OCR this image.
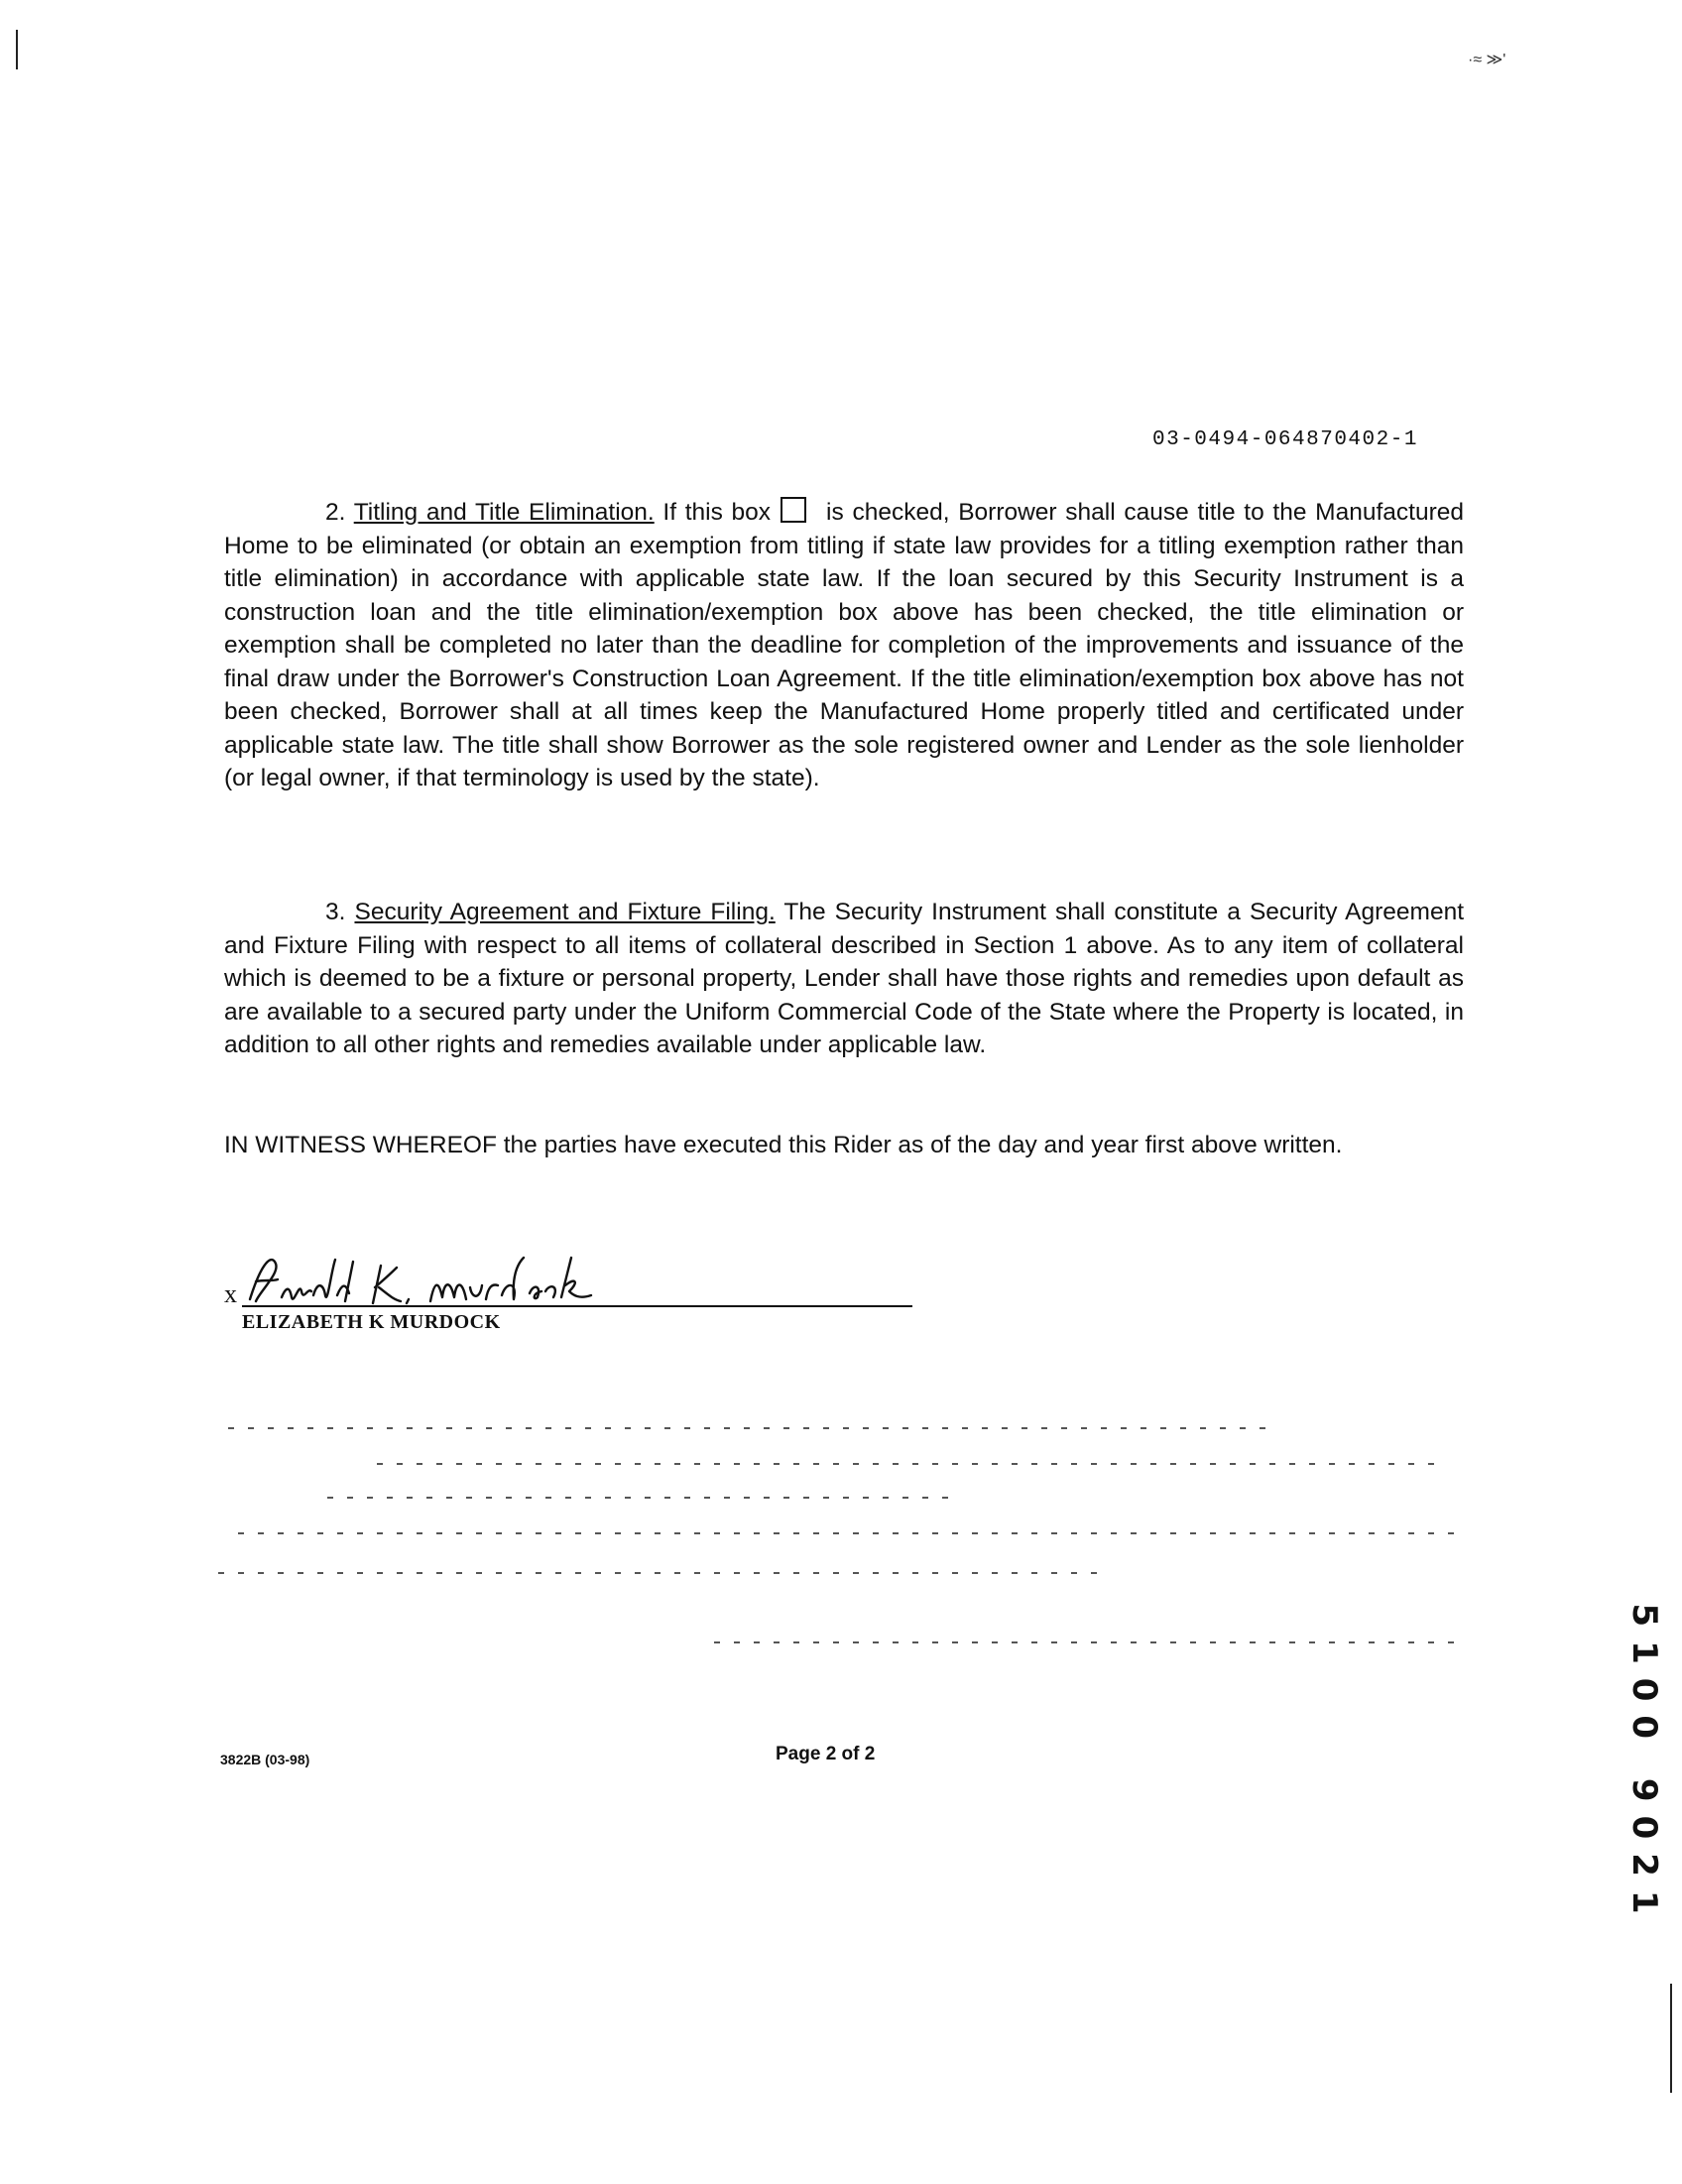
·≈ ≫'
03-0494-064870402-1
2. Titling and Title Elimination. If this box is checked, Borrower shall cause title to the Manufactured Home to be eliminated (or obtain an exemption from titling if state law provides for a titling exemption rather than title elimination) in accordance with applicable state law. If the loan secured by this Security Instrument is a construction loan and the title elimination/exemption box above has been checked, the title elimination or exemption shall be completed no later than the deadline for completion of the improvements and issuance of the final draw under the Borrower's Construction Loan Agreement. If the title elimination/exemption box above has not been checked, Borrower shall at all times keep the Manufactured Home properly titled and certificated under applicable state law. The title shall show Borrower as the sole registered owner and Lender as the sole lienholder (or legal owner, if that terminology is used by the state).
3. Security Agreement and Fixture Filing. The Security Instrument shall constitute a Security Agreement and Fixture Filing with respect to all items of collateral described in Section 1 above. As to any item of collateral which is deemed to be a fixture or personal property, Lender shall have those rights and remedies upon default as are available to a secured party under the Uniform Commercial Code of the State where the Property is located, in addition to all other rights and remedies available under applicable law.
IN WITNESS WHEREOF the parties have executed this Rider as of the day and year first above written.
x
ELIZABETH K MURDOCK
3822B (03-98)	Page 2 of 2	5100 9021
